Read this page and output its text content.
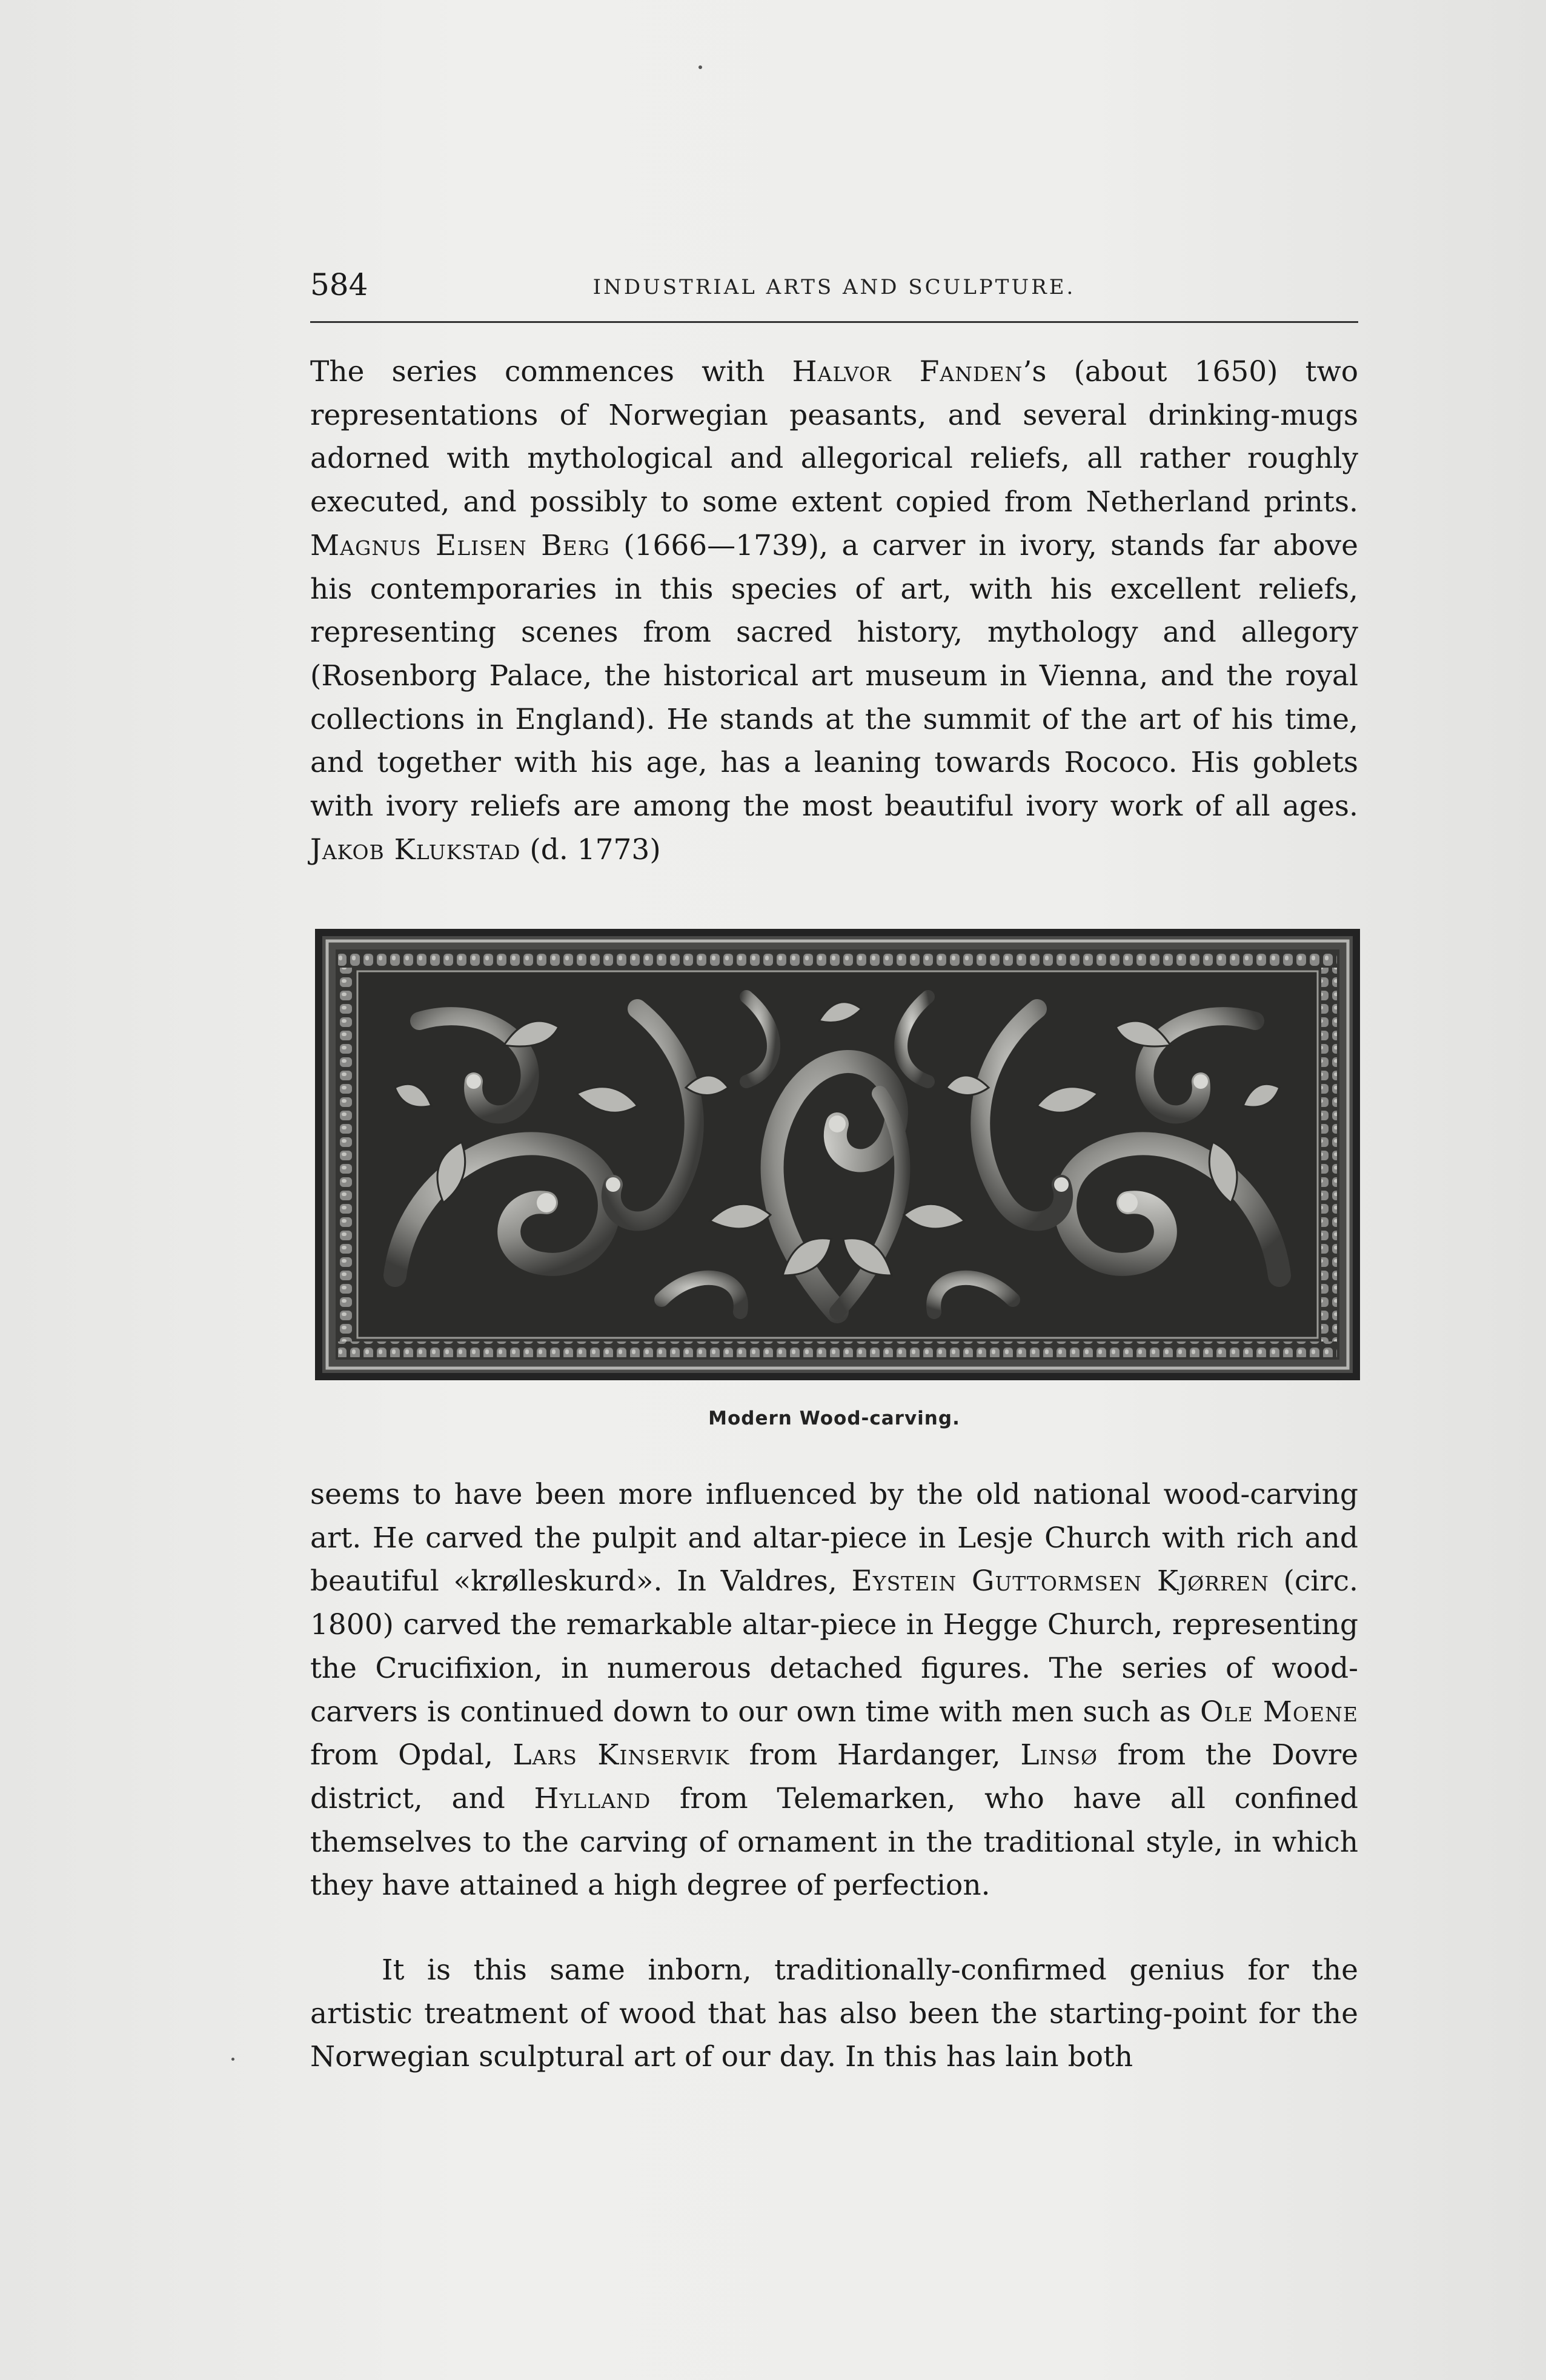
584	INDUSTRIAL ARTS AND SCULPTURE.

The series commences with Halvor Fanden’s (about 1650) two representations of Norwegian peasants, and several drinking-mugs adorned with mythological and allegorical reliefs, all rather roughly executed, and possibly to some extent copied from Netherland prints. Magnus Elisen Berg (1666—1739), a carver in ivory, stands far above his contemporaries in this species of art, with his excellent reliefs, representing scenes from sacred history, mythology and allegory (Rosenborg Palace, the historical art museum in Vienna, and the royal collections in England). He stands at the summit of the art of his time, and together with his age, has a leaning towards Rococo. His goblets with ivory reliefs are among the most beautiful ivory work of all ages. Jakob Klukstad (d. 1773)

Modern Wood-carving.

seems to have been more influenced by the old national wood-carving art. He carved the pulpit and altar-piece in Lesje Church with rich and beautiful «krølleskurd». In Valdres, Eystein Guttormsen Kjørren (circ. 1800) carved the remarkable altar-piece in Hegge Church, representing the Crucifixion, in numerous detached figures. The series of wood-carvers is continued down to our own time with men such as Ole Moene from Opdal, Lars Kinservik from Hardanger, Linsø from the Dovre district, and Hylland from Telemarken, who have all confined themselves to the carving of ornament in the traditional style, in which they have attained a high degree of perfection.

It is this same inborn, traditionally-confirmed genius for the artistic treatment of wood that has also been the starting-point for the Norwegian sculptural art of our day. In this has lain both
